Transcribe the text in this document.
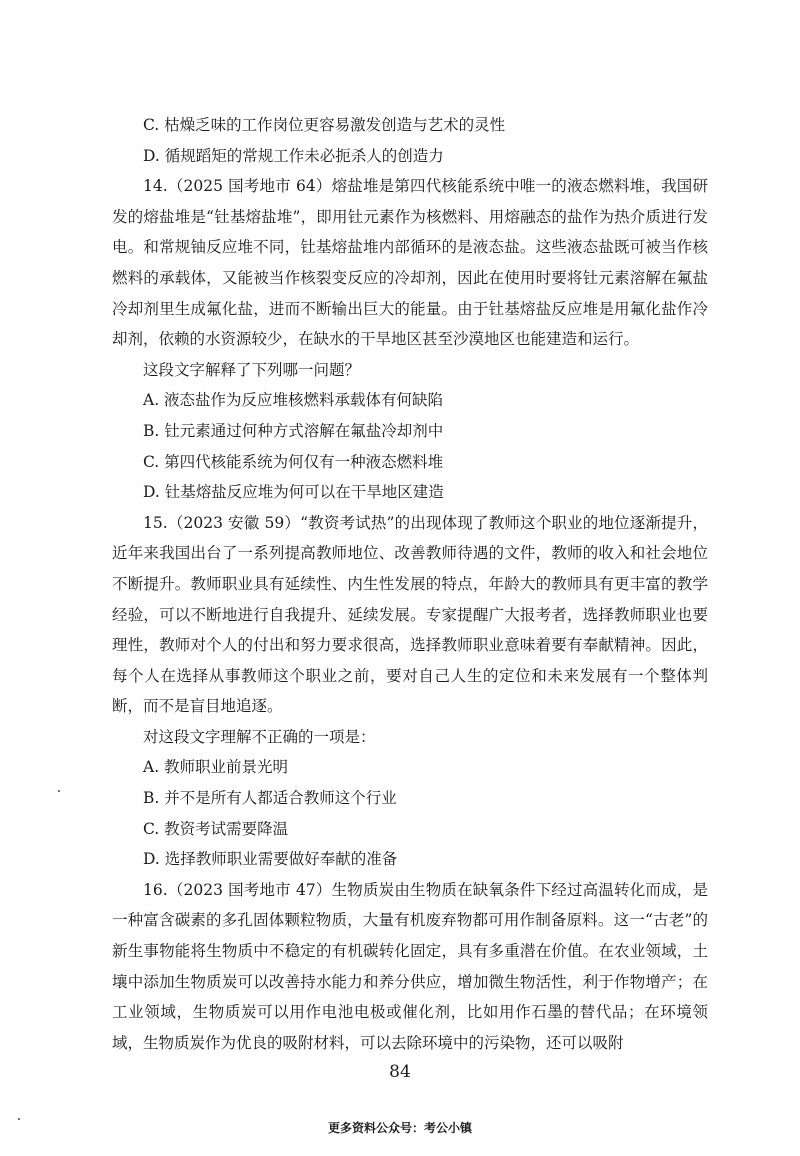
C. 枯燥乏味的工作岗位更容易激发创造与艺术的灵性
D. 循规蹈矩的常规工作未必扼杀人的创造力
14.（2025 国考地市 64）熔盐堆是第四代核能系统中唯一的液态燃料堆，我国研发的熔盐堆是“钍基熔盐堆”，即用钍元素作为核燃料、用熔融态的盐作为热介质进行发电。和常规铀反应堆不同，钍基熔盐堆内部循环的是液态盐。这些液态盐既可被当作核燃料的承载体，又能被当作核裂变反应的冷却剂，因此在使用时要将钍元素溶解在氟盐冷却剂里生成氟化盐，进而不断输出巨大的能量。由于钍基熔盐反应堆是用氟化盐作冷却剂，依赖的水资源较少，在缺水的干旱地区甚至沙漠地区也能建造和运行。
这段文字解释了下列哪一问题？
A. 液态盐作为反应堆核燃料承载体有何缺陷
B. 钍元素通过何种方式溶解在氟盐冷却剂中
C. 第四代核能系统为何仅有一种液态燃料堆
D. 钍基熔盐反应堆为何可以在干旱地区建造
15.（2023 安徽 59）“教资考试热”的出现体现了教师这个职业的地位逐渐提升，近年来我国出台了一系列提高教师地位、改善教师待遇的文件，教师的收入和社会地位不断提升。教师职业具有延续性、内生性发展的特点，年龄大的教师具有更丰富的教学经验，可以不断地进行自我提升、延续发展。专家提醒广大报考者，选择教师职业也要理性，教师对个人的付出和努力要求很高，选择教师职业意味着要有奉献精神。因此，每个人在选择从事教师这个职业之前，要对自己人生的定位和未来发展有一个整体判断，而不是盲目地追逐。
对这段文字理解不正确的一项是：
A. 教师职业前景光明
B. 并不是所有人都适合教师这个行业
C. 教资考试需要降温
D. 选择教师职业需要做好奉献的准备
16.（2023 国考地市 47）生物质炭由生物质在缺氧条件下经过高温转化而成，是一种富含碳素的多孔固体颗粒物质，大量有机废弃物都可用作制备原料。这一“古老”的新生事物能将生物质中不稳定的有机碳转化固定，具有多重潜在价值。在农业领域，土壤中添加生物质炭可以改善持水能力和养分供应，增加微生物活性，利于作物增产；在工业领域，生物质炭可以用作电池电极或催化剂，比如用作石墨的替代品；在环境领域，生物质炭作为优良的吸附材料，可以去除环境中的污染物，还可以吸附
84
更多资料公众号：考公小镇
